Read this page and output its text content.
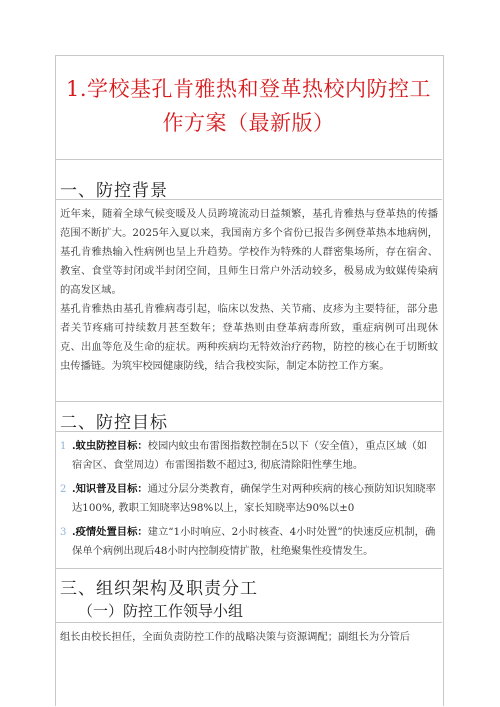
1.学校基孔肯雅热和登革热校内防控工作方案（最新版）
一、防控背景

近年来，随着全球气候变暖及人员跨境流动日益频繁，基孔肯雅热与登革热的传播范围不断扩大。2025年入夏以来，我国南方多个省份已报告多例登革热本地病例，基孔肯雅热输入性病例也呈上升趋势。学校作为特殊的人群密集场所，存在宿舍、教室、食堂等封闭或半封闭空间，且师生日常户外活动较多，极易成为蚊媒传染病的高发区域。

基孔肯雅热由基孔肯雅病毒引起，临床以发热、关节痛、皮疹为主要特征，部分患者关节疼痛可持续数月甚至数年；登革热则由登革病毒所致，重症病例可出现休克、出血等危及生命的症状。两种疾病均无特效治疗药物，防控的核心在于切断蚊虫传播链。为筑牢校园健康防线，结合我校实际，制定本防控工作方案。

二、防控目标
1 .蚊虫防控目标：校园内蚊虫布雷图指数控制在5以下（安全值），重点区域（如宿舍区、食堂周边）布雷图指数不超过3, 彻底清除阳性孳生地。
2 .知识普及目标：通过分层分类教育，确保学生对两种疾病的核心预防知识知晓率达100%, 教职工知晓率达98%以上，家长知晓率达90%以±0
3 .疫情处置目标：建立“1小时响应、2小时核查、4小时处置”的快速反应机制，确保单个病例出现后48小时内控制疫情扩散，杜绝聚集性疫情发生。
三、组织架构及职责分工
（一）防控工作领导小组

组长由校长担任，全面负责防控工作的战略决策与资源调配；副组长为分管后
